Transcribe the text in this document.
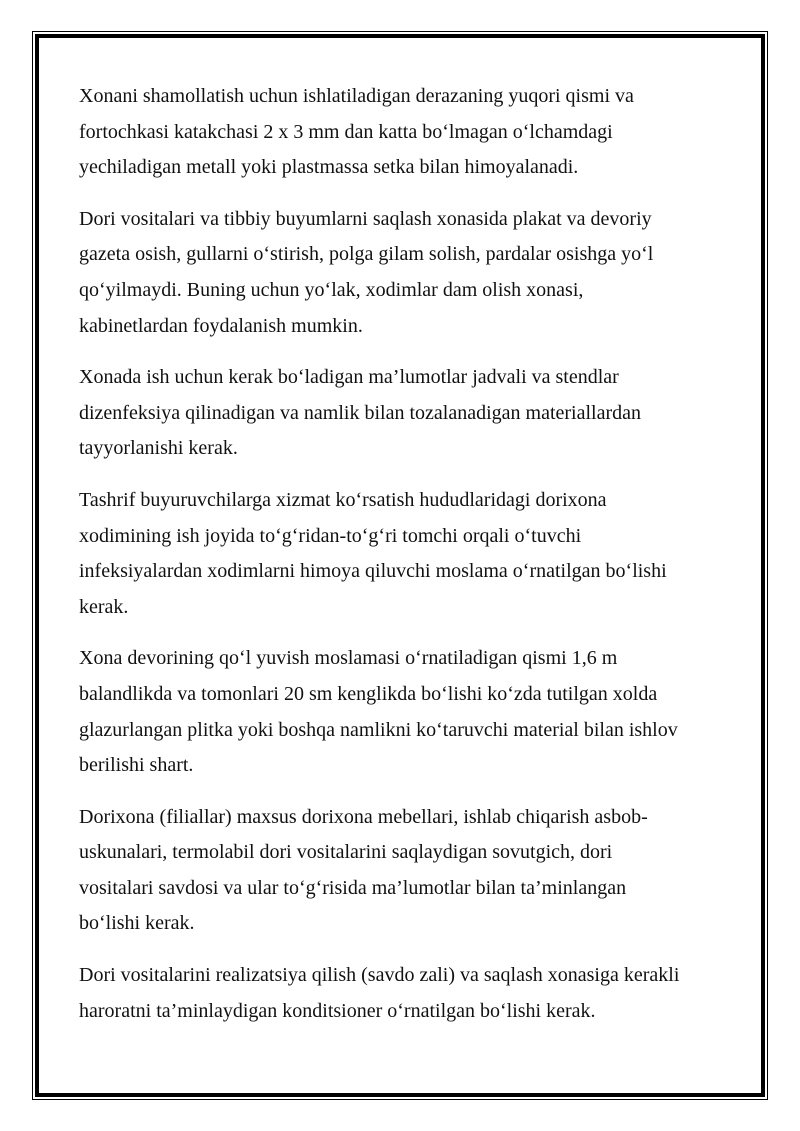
Xonani shamollatish uchun ishlatiladigan derazaning yuqori qismi va
fortochkasi katakchasi 2 x 3 mm dan katta bo‘lmagan o‘lchamdagi
yechiladigan metall yoki plastmassa setka bilan himoyalanadi.

Dori vositalari va tibbiy buyumlarni saqlash xonasida plakat va devoriy
gazeta osish, gullarni o‘stirish, polga gilam solish, pardalar osishga yo‘l
qo‘yilmaydi. Buning uchun yo‘lak, xodimlar dam olish xonasi,
kabinetlardan foydalanish mumkin.

Xonada ish uchun kerak bo‘ladigan ma’lumotlar jadvali va stendlar
dizenfeksiya qilinadigan va namlik bilan tozalanadigan materiallardan
tayyorlanishi kerak.

Tashrif buyuruvchilarga xizmat ko‘rsatish hududlaridagi dorixona
xodimining ish joyida to‘g‘ridan-to‘g‘ri tomchi orqali o‘tuvchi
infeksiyalardan xodimlarni himoya qiluvchi moslama o‘rnatilgan bo‘lishi
kerak.

Xona devorining qo‘l yuvish moslamasi o‘rnatiladigan qismi 1,6 m
balandlikda va tomonlari 20 sm kenglikda bo‘lishi ko‘zda tutilgan xolda
glazurlangan plitka yoki boshqa namlikni ko‘taruvchi material bilan ishlov
berilishi shart.

Dorixona (filiallar) maxsus dorixona mebellari, ishlab chiqarish asbob-
uskunalari, termolabil dori vositalarini saqlaydigan sovutgich, dori
vositalari savdosi va ular to‘g‘risida ma’lumotlar bilan ta’minlangan
bo‘lishi kerak.

Dori vositalarini realizatsiya qilish (savdo zali) va saqlash xonasiga kerakli
haroratni ta’minlaydigan konditsioner o‘rnatilgan bo‘lishi kerak.
